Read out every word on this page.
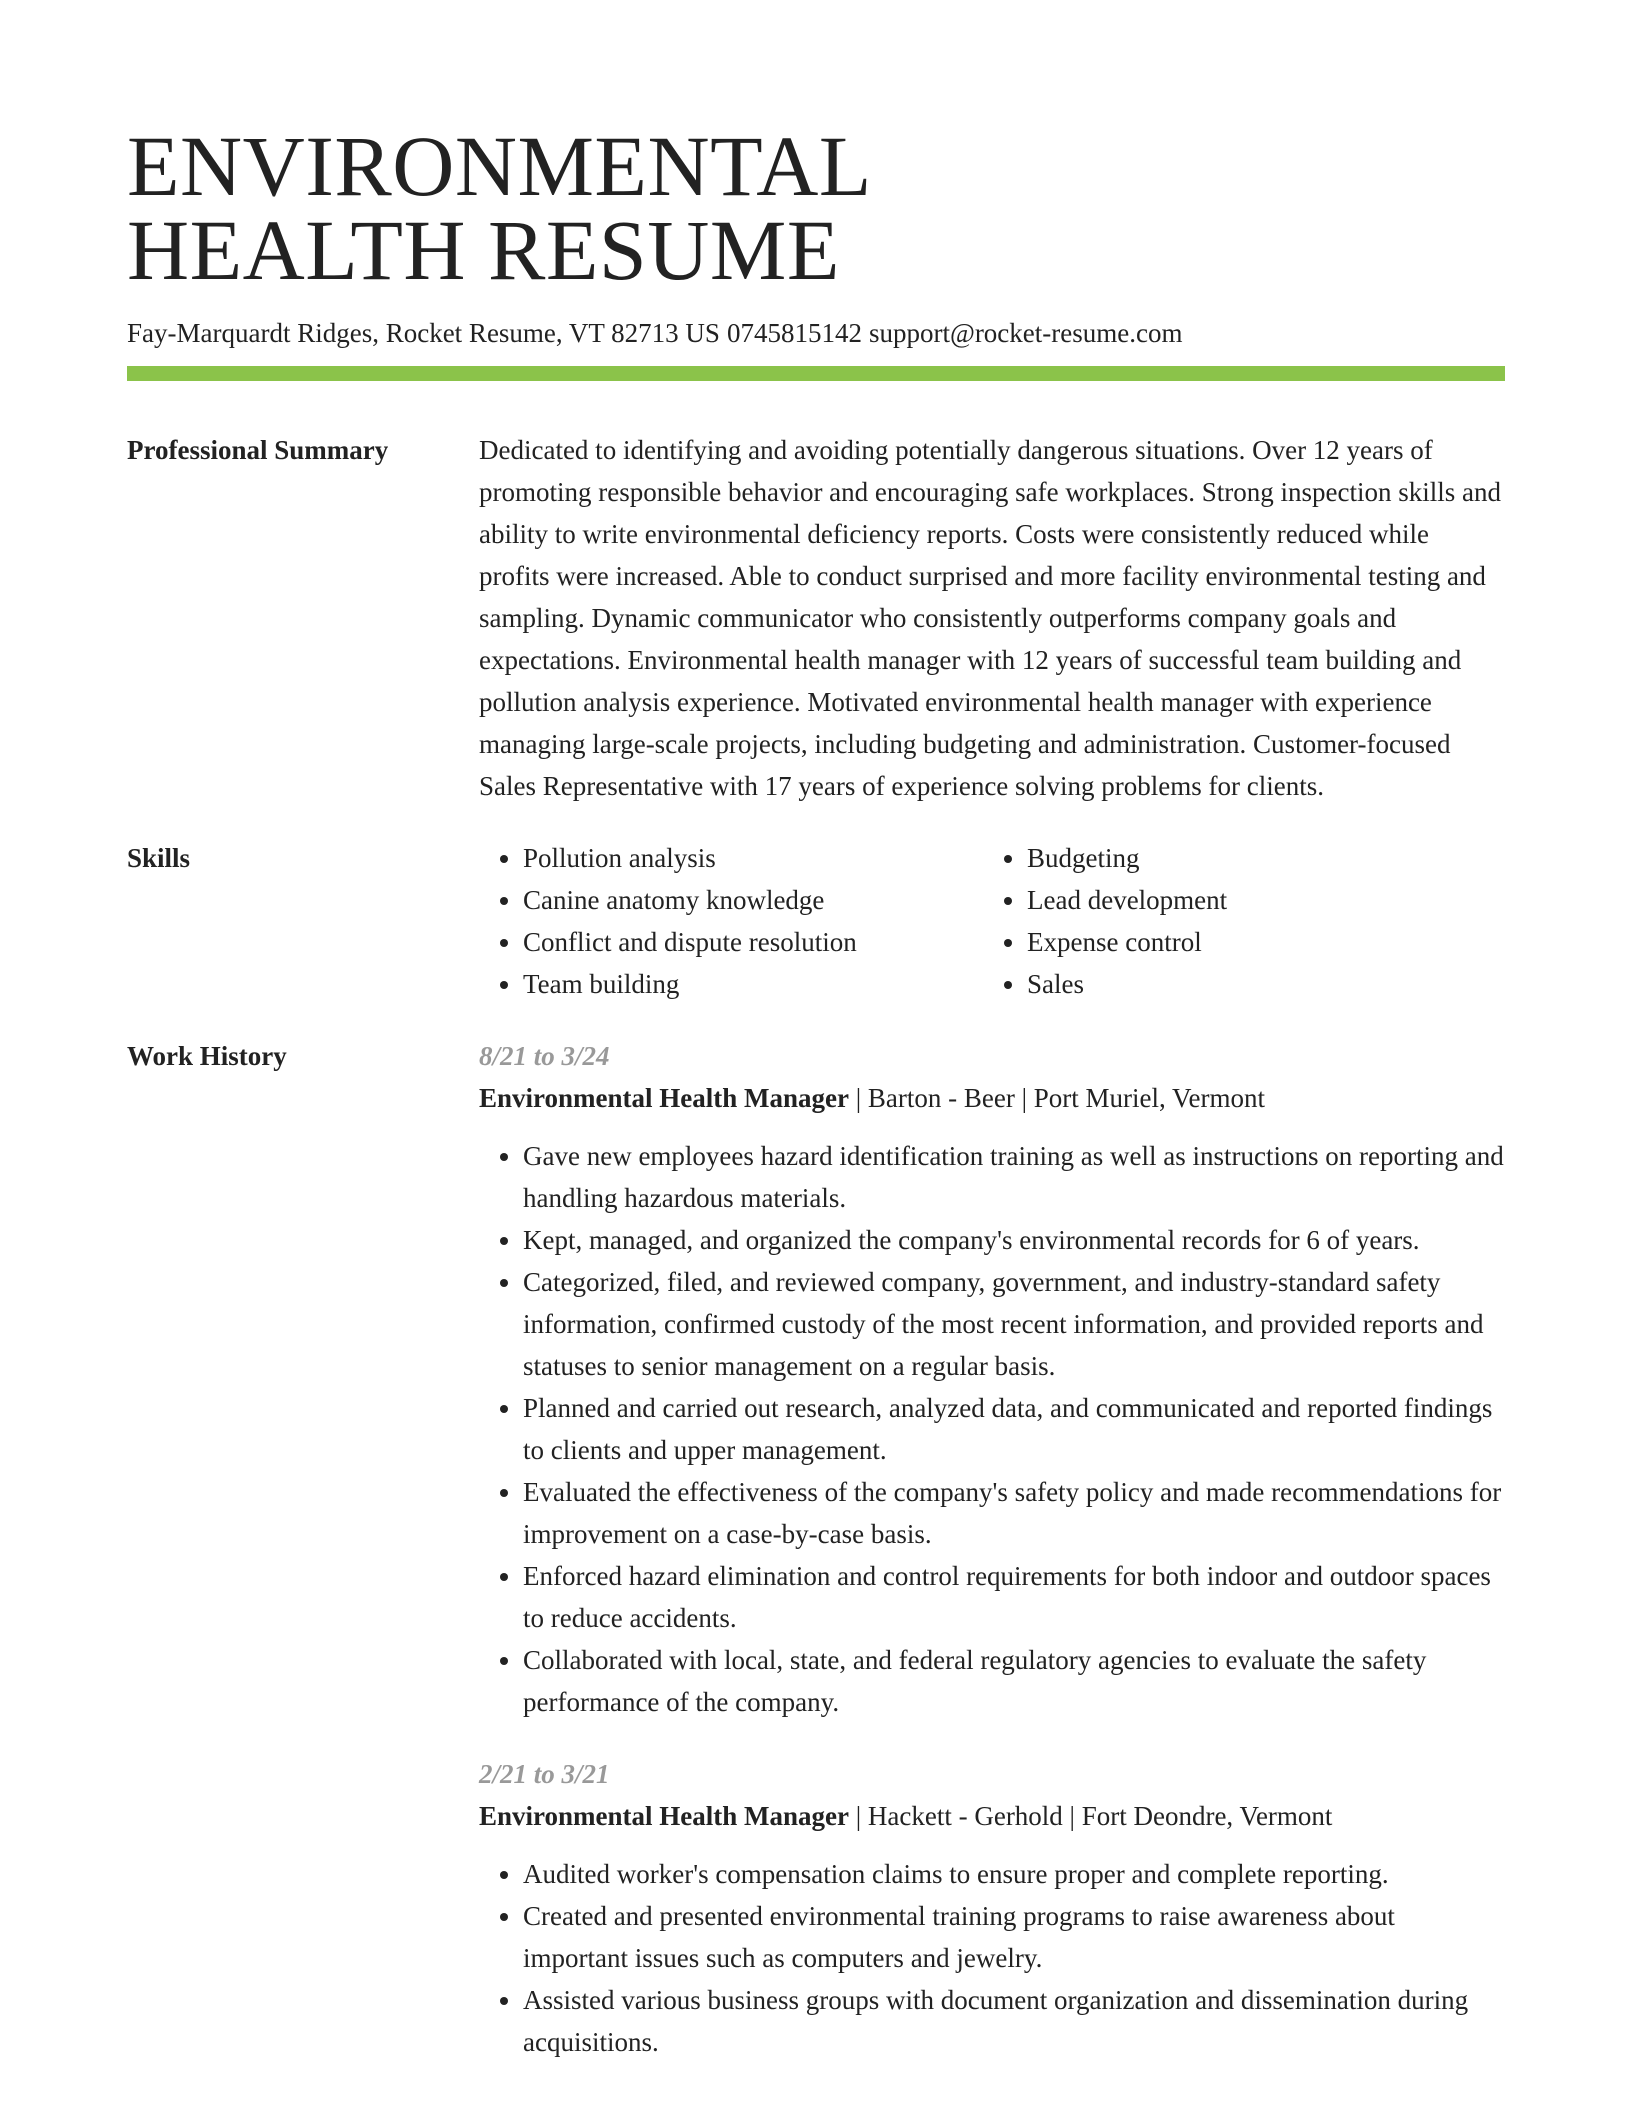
ENVIRONMENTAL
HEALTH RESUME
Fay-Marquardt Ridges, Rocket Resume, VT 82713 US 0745815142 support@rocket-resume.com
Professional Summary	Dedicated to identifying and avoiding potentially dangerous situations. Over 12 years of promoting responsible behavior and encouraging safe workplaces. Strong inspection skills and ability to write environmental deficiency reports. Costs were consistently reduced while profits were increased. Able to conduct surprised and more facility environmental testing and sampling. Dynamic communicator who consistently outperforms company goals and expectations. Environmental health manager with 12 years of successful team building and pollution analysis experience. Motivated environmental health manager with experience managing large-scale projects, including budgeting and administration. Customer-focused Sales Representative with 17 years of experience solving problems for clients.

Skills
•	Pollution analysis
• Canine anatomy knowledge
• Conflict and dispute resolution
• Team building
• Budgeting
• Lead development
• Expense control
• Sales
Work History	8/21 to 3/24
Environmental Health Manager | Barton - Beer | Port Muriel, Vermont
• Gave new employees hazard identification training as well as instructions on reporting and handling hazardous materials.
• Kept, managed, and organized the company's environmental records for 6 of years.
• Categorized, filed, and reviewed company, government, and industry-standard safety information, confirmed custody of the most recent information, and provided reports and statuses to senior management on a regular basis.
• Planned and carried out research, analyzed data, and communicated and reported findings to clients and upper management.
• Evaluated the effectiveness of the company's safety policy and made recommendations for improvement on a case-by-case basis.
• Enforced hazard elimination and control requirements for both indoor and outdoor spaces to reduce accidents.
• Collaborated with local, state, and federal regulatory agencies to evaluate the safety performance of the company.
2/21 to 3/21
Environmental Health Manager | Hackett - Gerhold | Fort Deondre, Vermont
• Audited worker's compensation claims to ensure proper and complete reporting.
• Created and presented environmental training programs to raise awareness about important issues such as computers and jewelry.
• Assisted various business groups with document organization and dissemination during acquisitions.
